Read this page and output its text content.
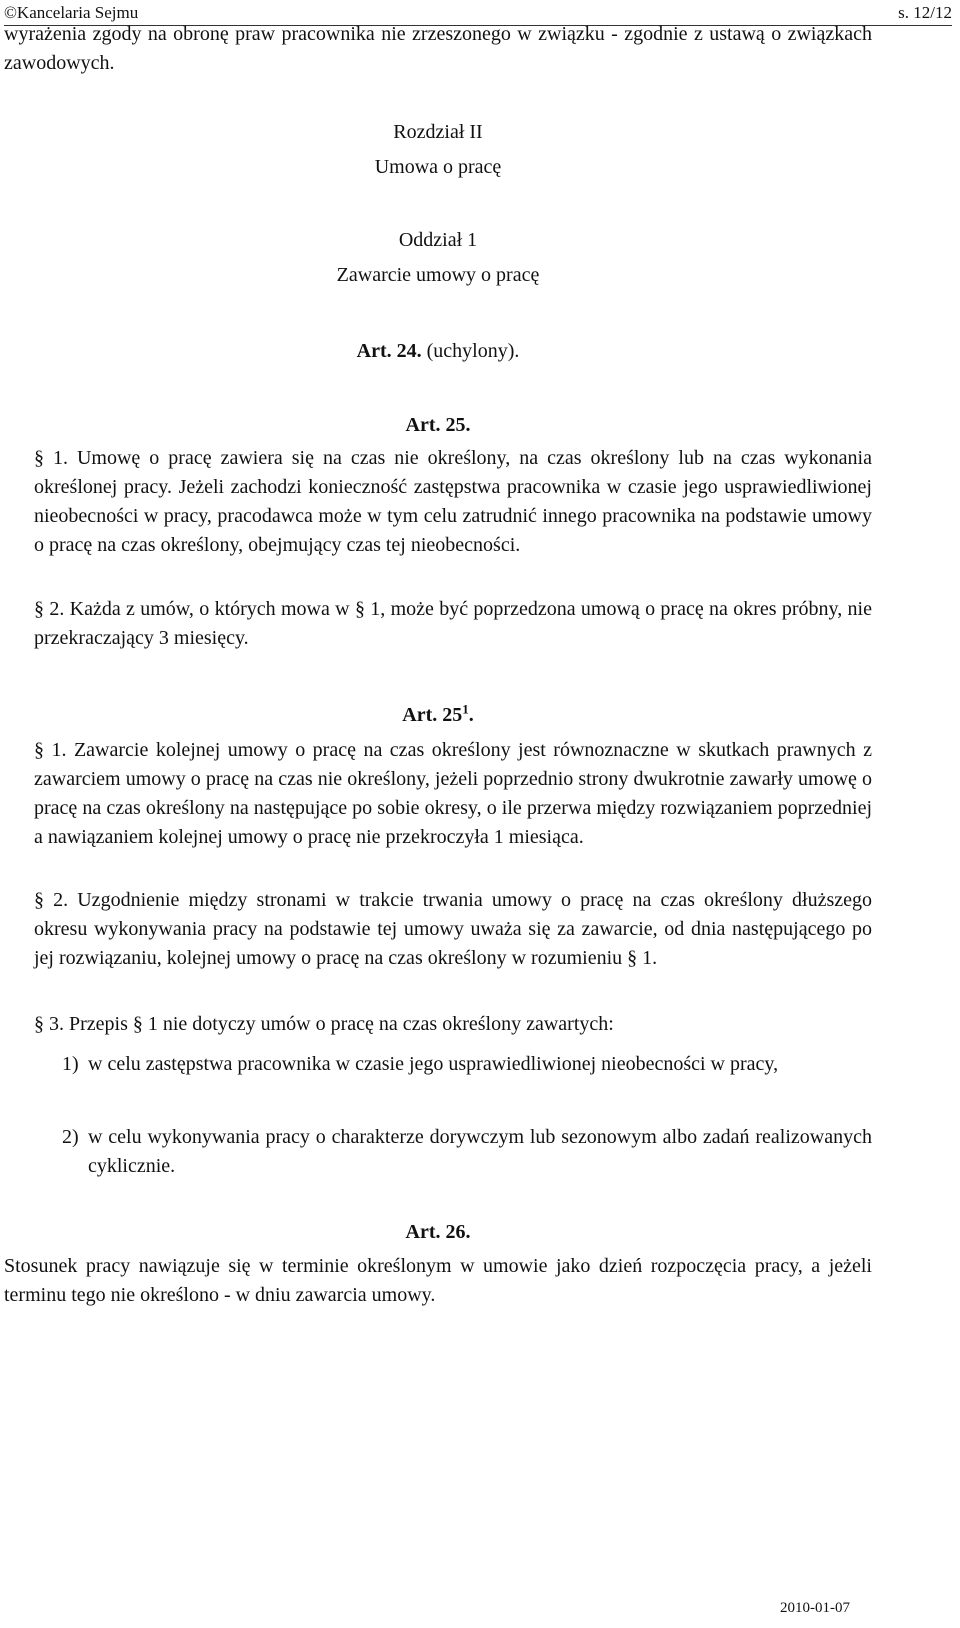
©Kancelaria Sejmu	s. 12/12

wyrażenia zgody na obronę praw pracownika nie zrzeszonego w związku - zgodnie z ustawą o związkach zawodowych.

Rozdział II

Umowa o pracę

Oddział 1

Zawarcie umowy o pracę

Art. 24. (uchylony).

Art. 25.

§ 1. Umowę o pracę zawiera się na czas nie określony, na czas określony lub na czas wykonania określonej pracy. Jeżeli zachodzi konieczność zastępstwa pracownika w czasie jego usprawiedliwionej nieobecności w pracy, pracodawca może w tym celu zatrudnić innego pracownika na podstawie umowy o pracę na czas określony, obejmujący czas tej nieobecności.

§ 2. Każda z umów, o których mowa w § 1, może być poprzedzona umową o pracę na okres próbny, nie przekraczający 3 miesięcy.

Art. $25^1$.

§ 1. Zawarcie kolejnej umowy o pracę na czas określony jest równoznaczne w skutkach prawnych z zawarciem umowy o pracę na czas nie określony, jeżeli poprzednio strony dwukrotnie zawarły umowę o pracę na czas określony na następujące po sobie okresy, o ile przerwa między rozwiązaniem poprzedniej a nawiązaniem kolejnej umowy o pracę nie przekroczyła 1 miesiąca.

§ 2. Uzgodnienie między stronami w trakcie trwania umowy o pracę na czas określony dłuższego okresu wykonywania pracy na podstawie tej umowy uważa się za zawarcie, od dnia następującego po jej rozwiązaniu, kolejnej umowy o pracę na czas określony w rozumieniu § 1.

§ 3. Przepis § 1 nie dotyczy umów o pracę na czas określony zawartych:

1) w celu zastępstwa pracownika w czasie jego usprawiedliwionej nieobecności w pracy,
2) w celu wykonywania pracy o charakterze dorywczym lub sezonowym albo zadań realizowanych cyklicznie.

Art. 26.

Stosunek pracy nawiązuje się w terminie określonym w umowie jako dzień rozpoczęcia pracy, a jeżeli terminu tego nie określono - w dniu zawarcia umowy.

2010-01-07
